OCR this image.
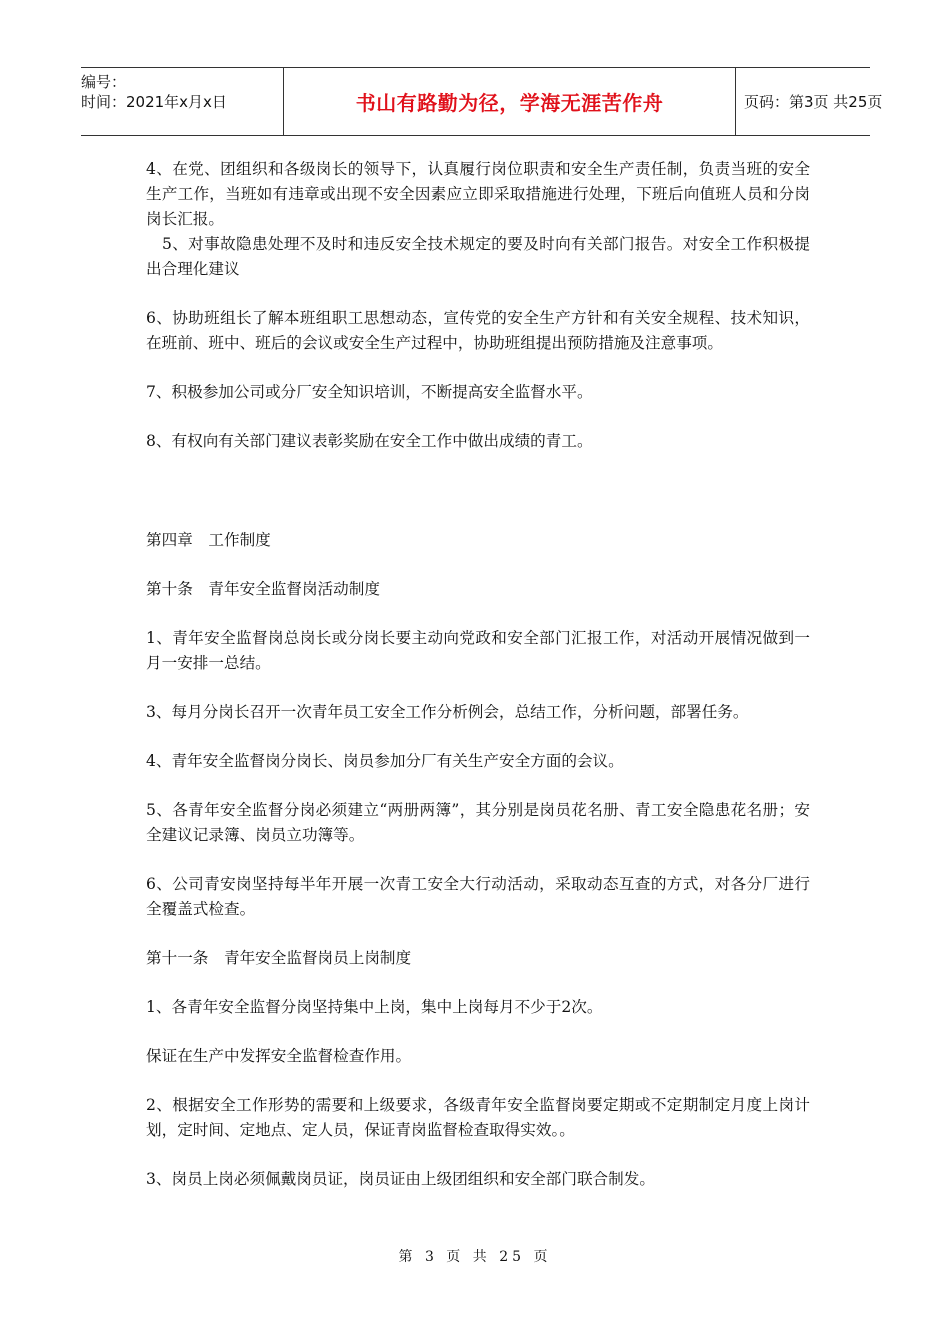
编号：
时间：2021年x月x日	书山有路勤为径，学海无涯苦作舟	页码：第3页 共25页

4、在党、团组织和各级岗长的领导下，认真履行岗位职责和安全生产责任制，负责当班的安全生产工作，当班如有违章或出现不安全因素应立即采取措施进行处理，下班后向值班人员和分岗岗长汇报。

　5、对事故隐患处理不及时和违反安全技术规定的要及时向有关部门报告。对安全工作积极提出合理化建议

6、协助班组长了解本班组职工思想动态，宣传党的安全生产方针和有关安全规程、技术知识，在班前、班中、班后的会议或安全生产过程中，协助班组提出预防措施及注意事项。

7、积极参加公司或分厂安全知识培训，不断提高安全监督水平。

8、有权向有关部门建议表彰奖励在安全工作中做出成绩的青工。

第四章　工作制度

第十条　青年安全监督岗活动制度

1、青年安全监督岗总岗长或分岗长要主动向党政和安全部门汇报工作，对活动开展情况做到一月一安排一总结。

3、每月分岗长召开一次青年员工安全工作分析例会，总结工作，分析问题，部署任务。

4、青年安全监督岗分岗长、岗员参加分厂有关生产安全方面的会议。

5、各青年安全监督分岗必须建立“两册两簿”，其分别是岗员花名册、青工安全隐患花名册；安全建议记录簿、岗员立功簿等。

6、公司青安岗坚持每半年开展一次青工安全大行动活动，采取动态互查的方式，对各分厂进行全覆盖式检查。

第十一条　青年安全监督岗员上岗制度

1、各青年安全监督分岗坚持集中上岗，集中上岗每月不少于2次。

保证在生产中发挥安全监督检查作用。

2、根据安全工作形势的需要和上级要求，各级青年安全监督岗要定期或不定期制定月度上岗计划，定时间、定地点、定人员，保证青岗监督检查取得实效。。

3、岗员上岗必须佩戴岗员证，岗员证由上级团组织和安全部门联合制发。

第 3 页 共 25 页
